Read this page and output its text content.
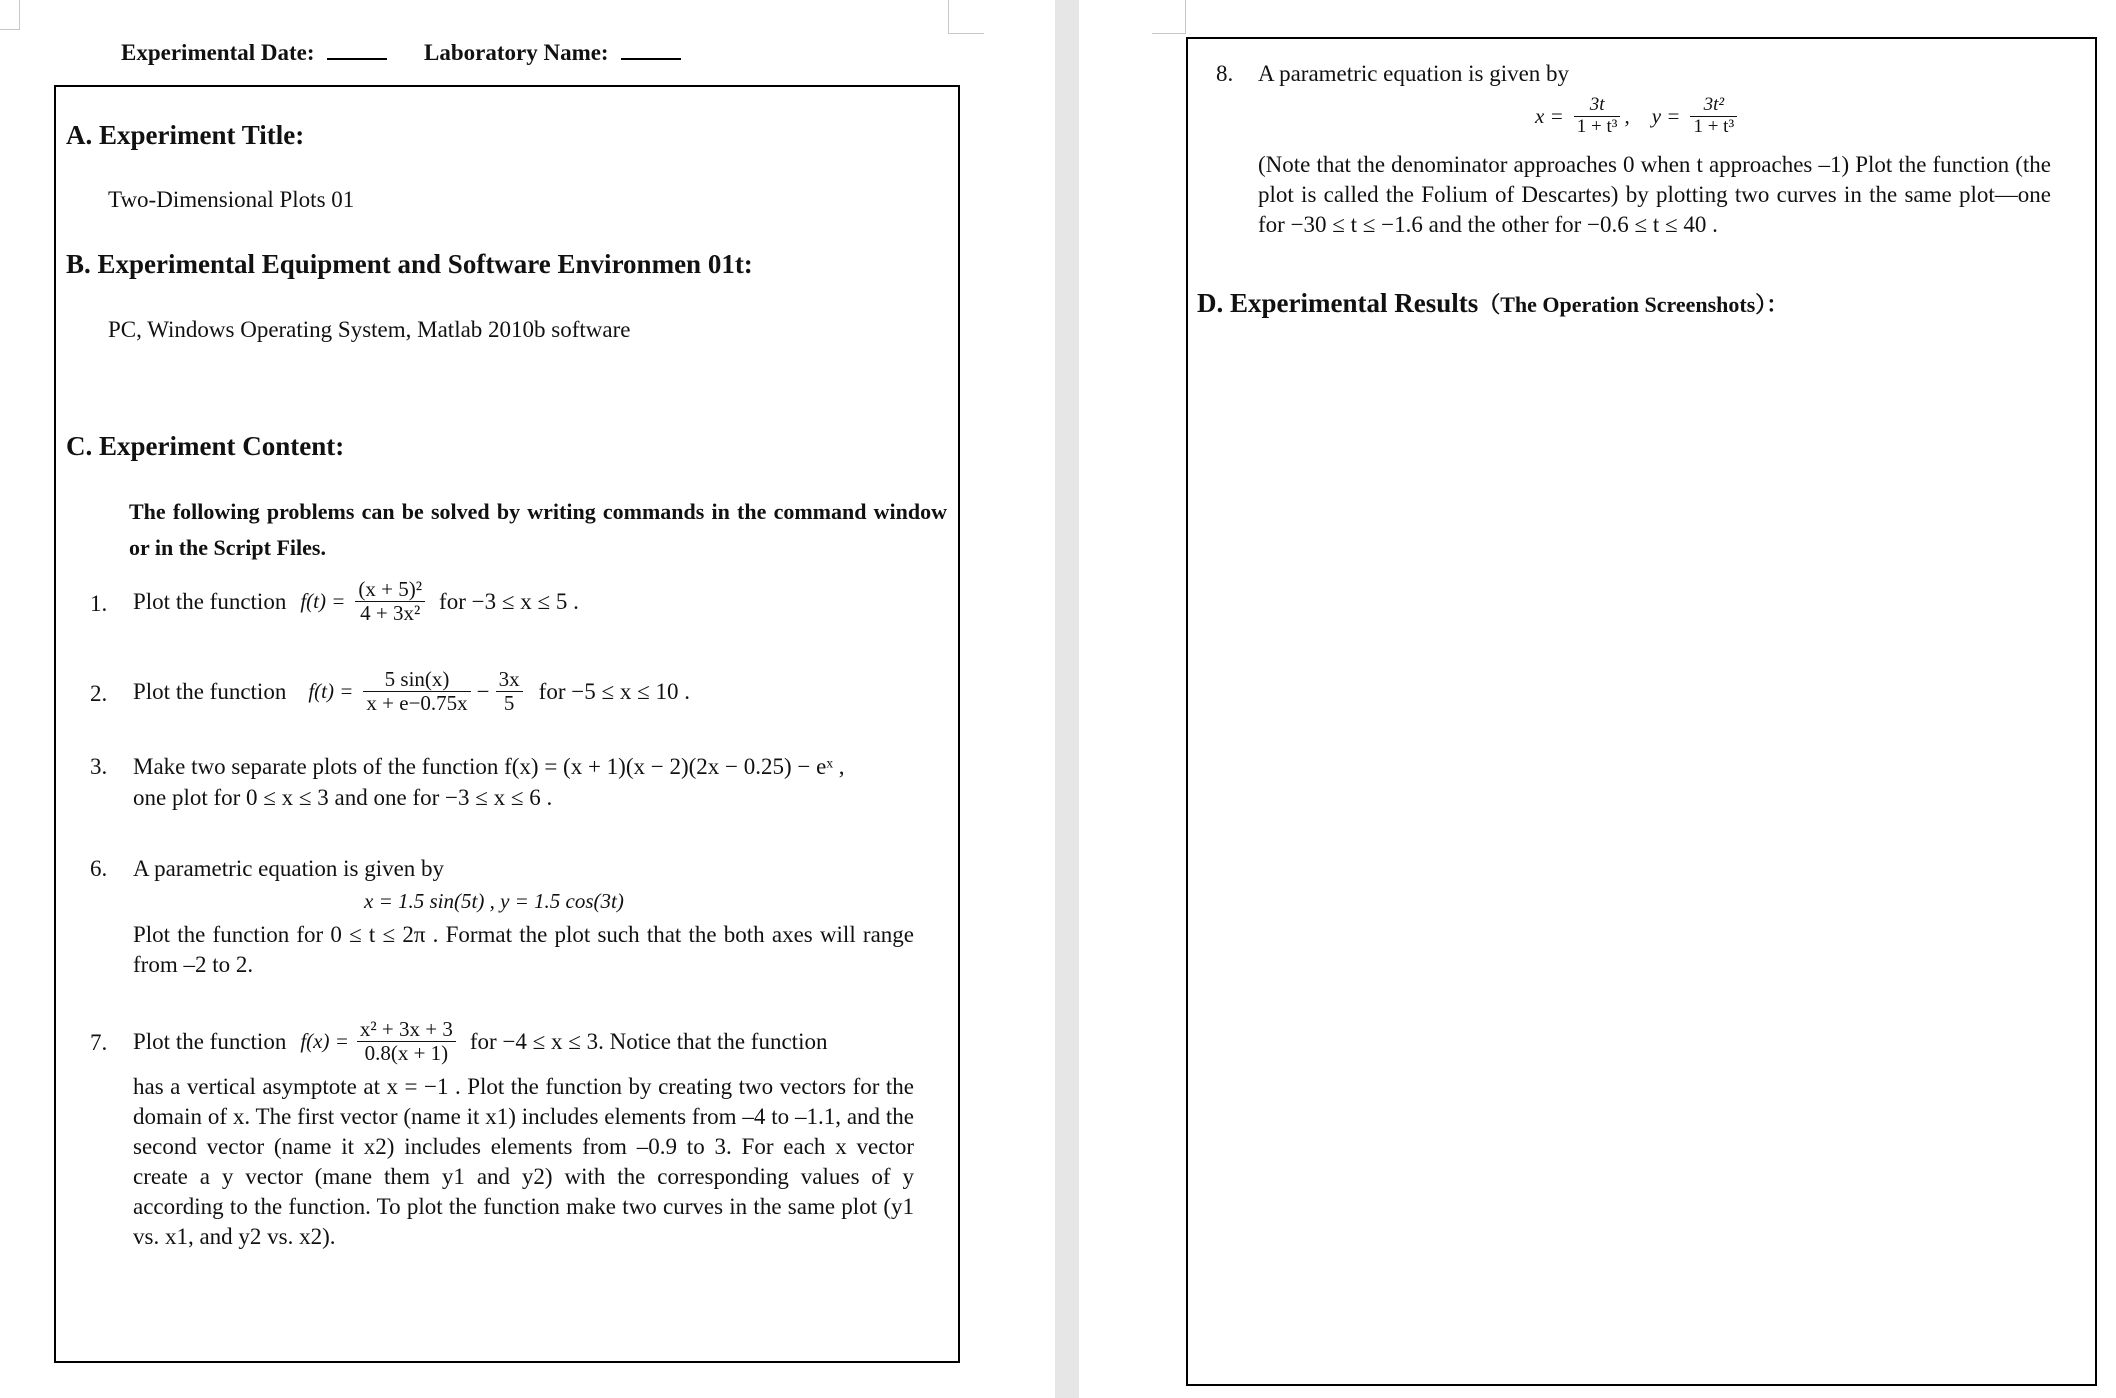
Experimental Date:	Laboratory Name:
A. Experiment Title:
Two-Dimensional Plots 01
B. Experimental Equipment and Software Environmen 01t:
PC, Windows Operating System, Matlab 2010b software
C. Experiment Content:
The following problems can be solved by writing commands in the command window or in the Script Files.
1. Plot the function $f(t) = \frac{\text{(x + 5)²}}{\text{4 + 3x²}}$ for −3 ≤ x ≤ 5 .
2. Plot the function $f(t) = \frac{5 \sin(x)}{x + e-0.75x} - \frac{3x}{5}$ for −5 ≤ x ≤ 10 .
3. Make two separate plots of the function f(x) = (x + 1)(x − 2)(2x − 0.25) − eˣ ,
one plot for 0 ≤ x ≤ 3 and one for −3 ≤ x ≤ 6 .
6. A parametric equation is given by
x = 1.5 sin(5t) , y = 1.5 cos(3t)
Plot the function for 0 ≤ t ≤ 2π . Format the plot such that the both axes will range from –2 to 2.
7. Plot the function $f(x) = \frac{\text{x² + 3x + 3}}{0.8(x + 1)}$ for −4 ≤ x ≤ 3. Notice that the function
has a vertical asymptote at x = −1 . Plot the function by creating two vectors for the domain of x. The first vector (name it x1) includes elements from –4 to –1.1, and the second vector (name it x2) includes elements from –0.9 to 3. For each x vector create a y vector (mane them y1 and y2) with the corresponding values of y according to the function. To plot the function make two curves in the same plot (y1 vs. x1, and y2 vs. x2).
8. A parametric equation is given by
$x = \frac{3t}{\text{1 + t³}}$ , $y = \frac{\text{3t²}}{\text{1 + t³}}$
(Note that the denominator approaches 0 when t approaches –1) Plot the function (the plot is called the Folium of Descartes) by plotting two curves in the same plot—one for −30 ≤ t ≤ −1.6 and the other for −0.6 ≤ t ≤ 40 .
D. Experimental Results（The Operation Screenshots）：
